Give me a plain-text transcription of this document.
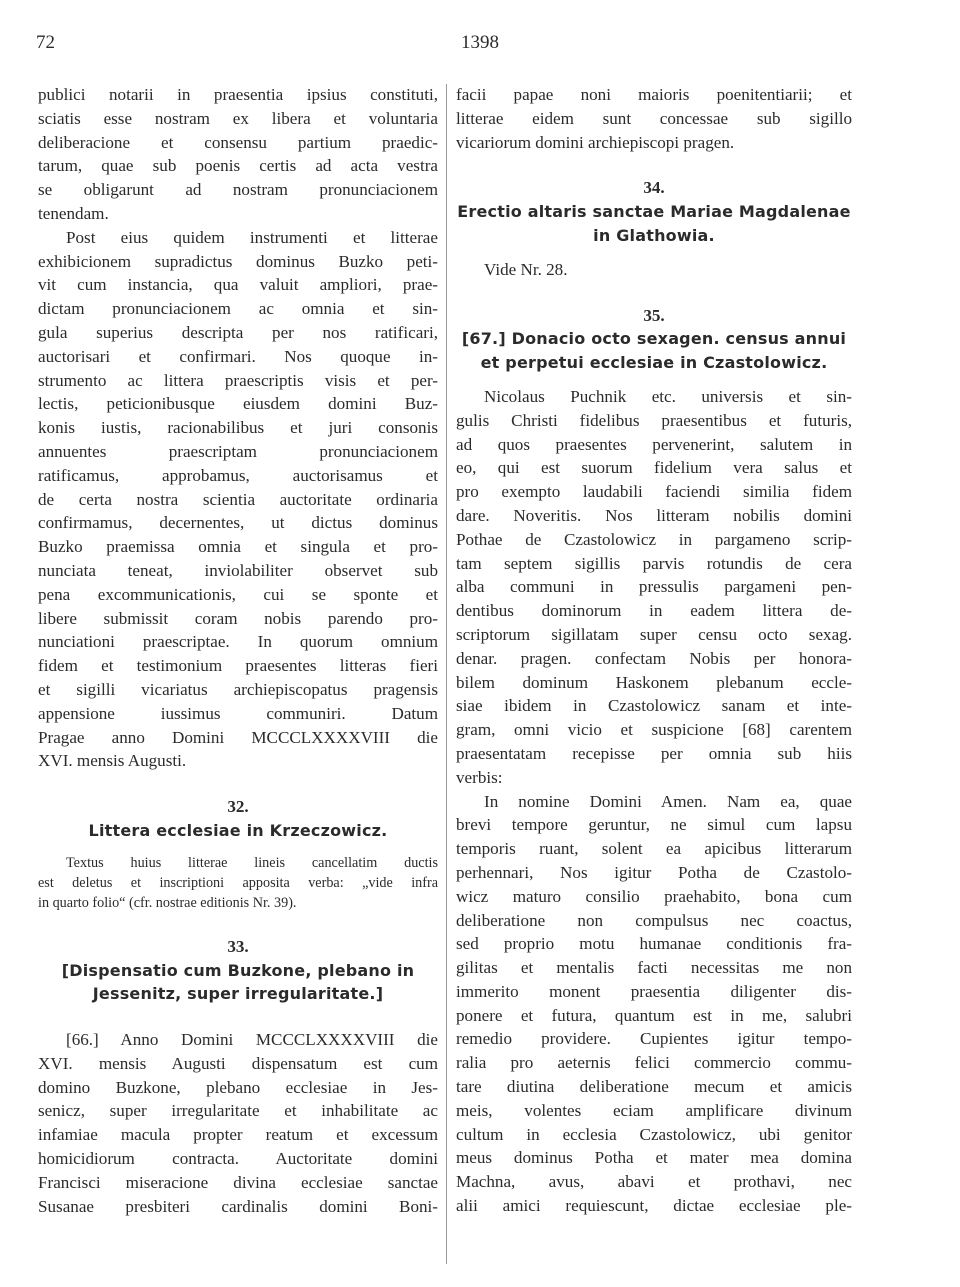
72	1398
publici notarii in praesentia ipsius constituti,
sciatis esse nostram ex libera et voluntaria
deliberacione et consensu partium praedic-
tarum, quae sub poenis certis ad acta vestra
se obligarunt ad nostram pronunciacionem
tenendam.
Post eius quidem instrumenti et litterae
exhibicionem supradictus dominus Buzko peti-
vit cum instancia, qua valuit ampliori, prae-
dictam pronunciacionem ac omnia et sin-
gula superius descripta per nos ratificari,
auctorisari et confirmari. Nos quoque in-
strumento ac littera praescriptis visis et per-
lectis, peticionibusque eiusdem domini Buz-
konis iustis, racionabilibus et juri consonis
annuentes praescriptam pronunciacionem
ratificamus, approbamus, auctorisamus et
de certa nostra scientia auctoritate ordinaria
confirmamus, decernentes, ut dictus dominus
Buzko praemissa omnia et singula et pro-
nunciata teneat, inviolabiliter observet sub
pena excommunicationis, cui se sponte et
libere submissit coram nobis parendo pro-
nunciationi praescriptae. In quorum omnium
fidem et testimonium praesentes litteras fieri
et sigilli vicariatus archiepiscopatus pragensis
appensione iussimus communiri. Datum
Pragae anno Domini MCCCLXXXXVIII die
XVI. mensis Augusti.
32.
Littera ecclesiae in Krzeczowicz.
Textus huius litterae lineis cancellatim ductis
est deletus et inscriptioni apposita verba: „vide infra
in quarto folio“ (cfr. nostrae editionis Nr. 39).
33.
[Dispensatio cum Buzkone, plebano in
Jessenitz, super irregularitate.]
[66.] Anno Domini MCCCLXXXXVIII die
XVI. mensis Augusti dispensatum est cum
domino Buzkone, plebano ecclesiae in Jes-
senicz, super irregularitate et inhabilitate ac
infamiae macula propter reatum et excessum
homicidiorum contracta. Auctoritate domini
Francisci miseracione divina ecclesiae sanctae
Susanae presbiteri cardinalis domini Boni-
facii papae noni maioris poenitentiarii; et
litterae eidem sunt concessae sub sigillo
vicariorum domini archiepiscopi pragen.
34.
Erectio altaris sanctae Mariae Magdalenae
in Glathowia.
Vide Nr. 28.
35.
[67.] Donacio octo sexagen. census annui
et perpetui ecclesiae in Czastolowicz.
Nicolaus Puchnik etc. universis et sin-
gulis Christi fidelibus praesentibus et futuris,
ad quos praesentes pervenerint, salutem in
eo, qui est suorum fidelium vera salus et
pro exempto laudabili faciendi similia fidem
dare. Noveritis. Nos litteram nobilis domini
Pothae de Czastolowicz in pargameno scrip-
tam septem sigillis parvis rotundis de cera
alba communi in pressulis pargameni pen-
dentibus dominorum in eadem littera de-
scriptorum sigillatam super censu octo sexag.
denar. pragen. confectam Nobis per honora-
bilem dominum Haskonem plebanum eccle-
siae ibidem in Czastolowicz sanam et inte-
gram, omni vicio et suspicione [68] carentem
praesentatam recepisse per omnia sub hiis
verbis:
In nomine Domini Amen. Nam ea, quae
brevi tempore geruntur, ne simul cum lapsu
temporis ruant, solent ea apicibus litterarum
perhennari, Nos igitur Potha de Czastolo-
wicz maturo consilio praehabito, bona cum
deliberatione non compulsus nec coactus,
sed proprio motu humanae conditionis fra-
gilitas et mentalis facti necessitas me non
immerito monent praesentia diligenter dis-
ponere et futura, quantum est in me, salubri
remedio providere. Cupientes igitur tempo-
ralia pro aeternis felici commercio commu-
tare diutina deliberatione mecum et amicis
meis, volentes eciam amplificare divinum
cultum in ecclesia Czastolowicz, ubi genitor
meus dominus Potha et mater mea domina
Machna, avus, abavi et prothavi, nec
alii amici requiescunt, dictae ecclesiae ple-
